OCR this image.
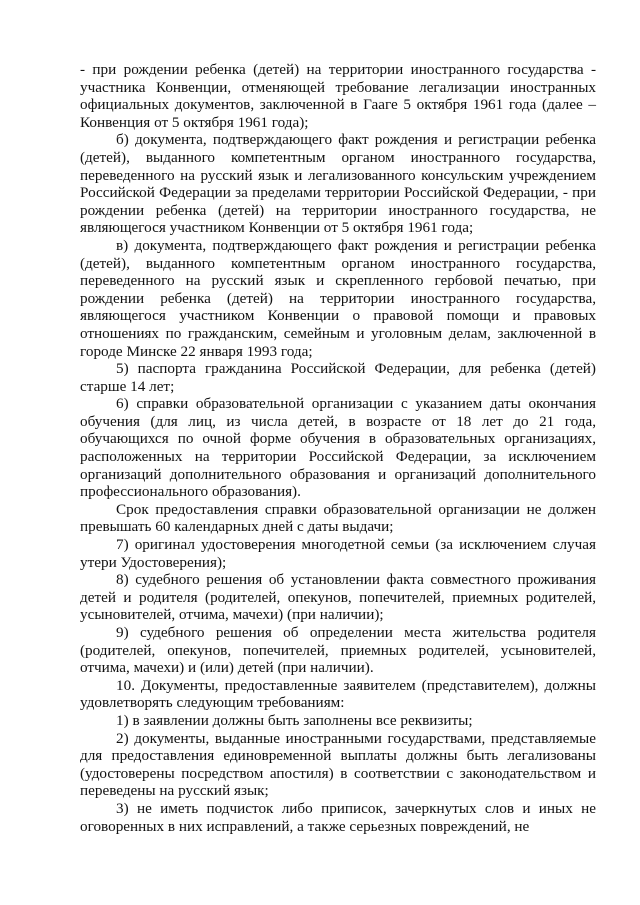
- при рождении ребенка (детей) на территории иностранного государства - участника Конвенции, отменяющей требование легализации иностранных официальных документов, заключенной в Гааге 5 октября 1961 года (далее – Конвенция от 5 октября 1961 года);

б) документа, подтверждающего факт рождения и регистрации ребенка (детей), выданного компетентным органом иностранного государства, переведенного на русский язык и легализованного консульским учреждением Российской Федерации за пределами территории Российской Федерации, - при рождении ребенка (детей) на территории иностранного государства, не являющегося участником Конвенции от 5 октября 1961 года;

в) документа, подтверждающего факт рождения и регистрации ребенка (детей), выданного компетентным органом иностранного государства, переведенного на русский язык и скрепленного гербовой печатью, при рождении ребенка (детей) на территории иностранного государства, являющегося участником Конвенции о правовой помощи и правовых отношениях по гражданским, семейным и уголовным делам, заключенной в городе Минске 22 января 1993 года;

5) паспорта гражданина Российской Федерации, для ребенка (детей) старше 14 лет;

6) справки образовательной организации с указанием даты окончания обучения (для лиц, из числа детей, в возрасте от 18 лет до 21 года, обучающихся по очной форме обучения в образовательных организациях, расположенных на территории Российской Федерации, за исключением организаций дополнительного образования и организаций дополнительного профессионального образования).

Срок предоставления справки образовательной организации не должен превышать 60 календарных дней с даты выдачи;

7) оригинал удостоверения многодетной семьи (за исключением случая утери Удостоверения);

8) судебного решения об установлении факта совместного проживания детей и родителя (родителей, опекунов, попечителей, приемных родителей, усыновителей, отчима, мачехи) (при наличии);

9) судебного решения об определении места жительства родителя (родителей, опекунов, попечителей, приемных родителей, усыновителей, отчима, мачехи) и (или) детей (при наличии).

10. Документы, предоставленные заявителем (представителем), должны удовлетворять следующим требованиям:

1) в заявлении должны быть заполнены все реквизиты;

2) документы, выданные иностранными государствами, представляемые для предоставления единовременной выплаты должны быть легализованы (удостоверены посредством апостиля) в соответствии с законодательством и переведены на русский язык;

3) не иметь подчисток либо приписок, зачеркнутых слов и иных не оговоренных в них исправлений, а также серьезных повреждений, не
